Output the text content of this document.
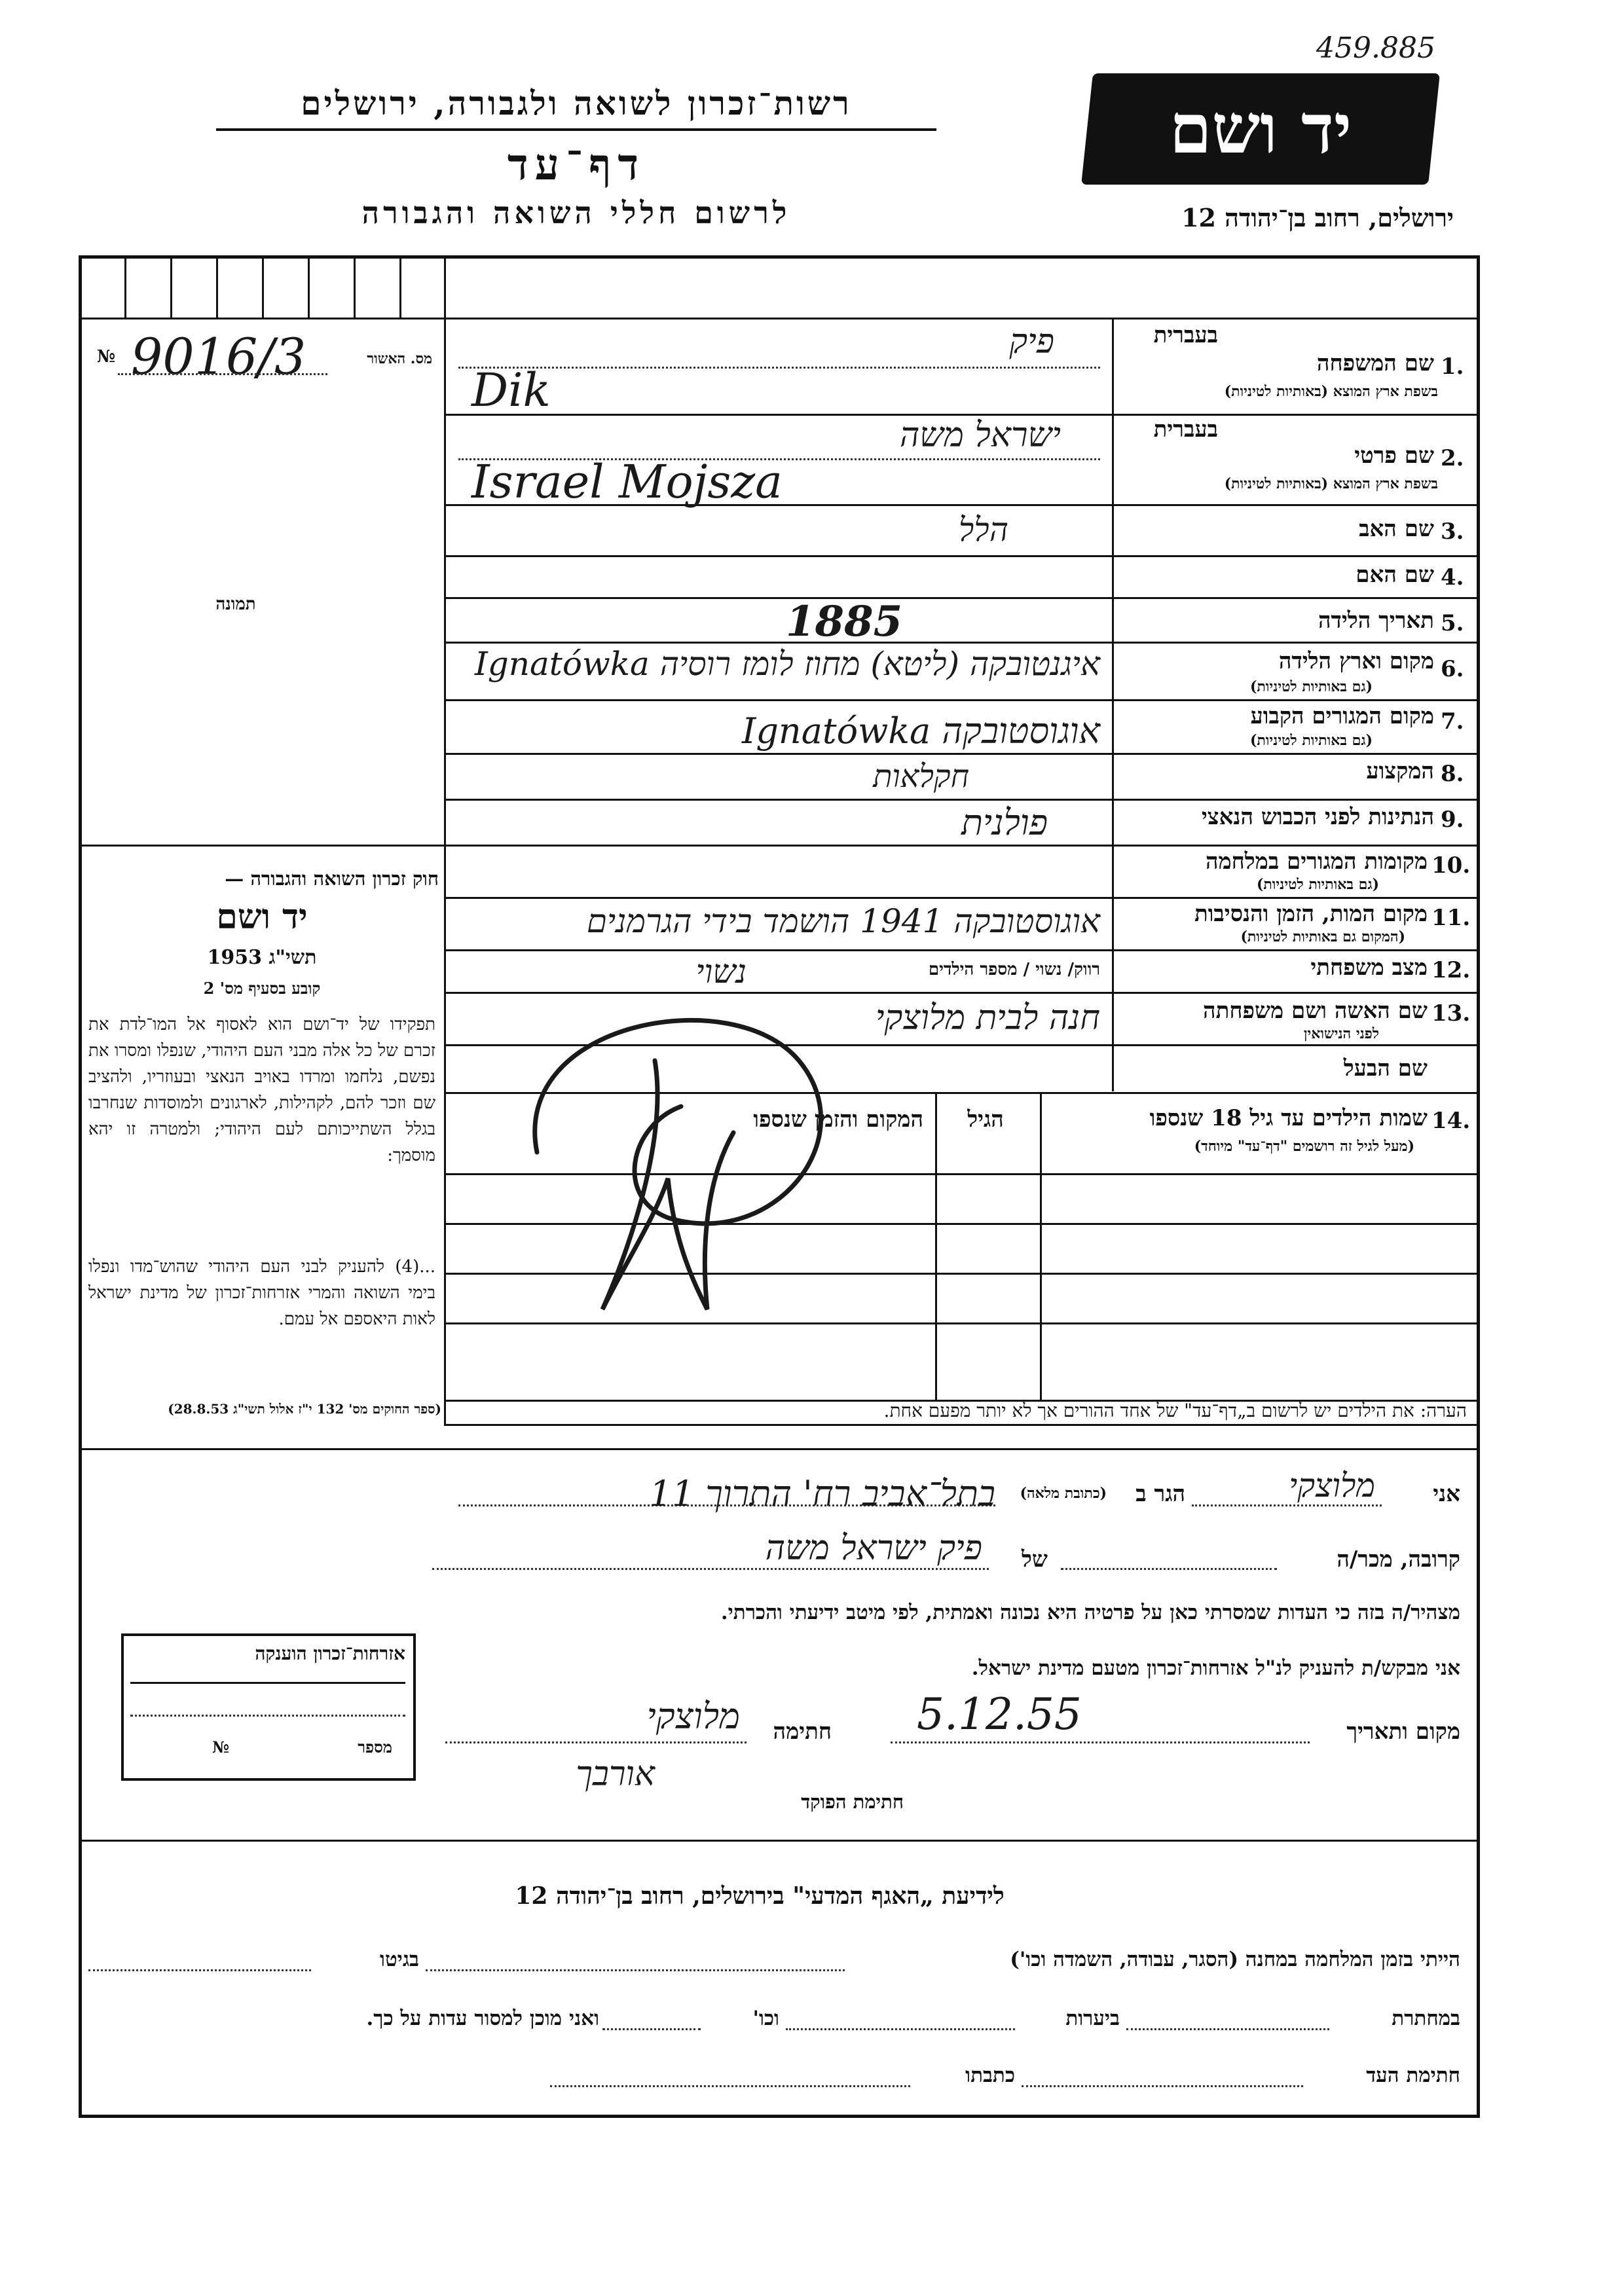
459.885
רשות־זכרון לשואה ולגבורה, ירושלים
דף־עד
לרשום חללי השואה והגבורה
יד ושם
ירושלים, רחוב בן־יהודה 12
№ 9016/3	מס. האשור	1.
שם המשפחה
בשפת ארץ המוצא (באותיות לטיניות)
בעברית
פיק
Dik
2.
שם פרטי
בשפת ארץ המוצא (באותיות לטיניות)
בעברית
ישראל משה
Israel Mojsza
3.
שם האב
הלל
4.
שם האם
5.
תאריך הלידה
1885
6.
מקום וארץ הלידה
(גם באותיות לטיניות)
איגנטובקה (ליטא) מחוז לומז רוסיה Ignatówka
7.
מקום המגורים הקבוע
(גם באותיות לטיניות)
אוגוסטובקה Ignatówka
8.
המקצוע
חקלאות
9.
הנתינות לפני הכבוש הנאצי
פולנית
10.
מקומות המגורים במלחמה
(גם באותיות לטיניות)
11.
מקום המות, הזמן והנסיבות
(המקום גם באותיות לטיניות)
אוגוסטובקה 1941 הושמד בידי הגרמנים
12.
מצב משפחתי
רווק/ נשוי / מספר הילדים
נשוי
13.
שם האשה ושם משפחתה
לפני הנישואין
חנה לבית מלוצקי
שם הבעל
14.
שמות הילדים עד גיל 18 שנספו
(מעל לגיל זה רושמים "דף־עד" מיוחד)
הגיל
המקום והזמן שנספו
תמונה
חוק זכרון השואה והגבורה —
יד ושם
תשי"ג 1953
קובע בסעיף מס' 2
תפקידו של יד־ושם הוא לאסוף אל המו־לדת את זכרם של כל אלה מבני העם היהודי, שנפלו ומסרו את נפשם, נלחמו ומרדו באויב הנאצי ובעוזריו, ולהציב שם וזכר להם, לקהילות, לארגונים ולמוסדות שנחרבו בגלל השתייכותם לעם היהודי; ולמטרה זו יהא מוסמך:
...(4) להעניק לבני העם היהודי שהוש־מדו ונפלו בימי השואה והמרי אזרחות־זכרון של מדינת ישראל לאות היאספם אל עמם.
(ספר החוקים מס' 132 י"ז אלול תשי"ג 28.8.53)	הערה: את הילדים יש לרשום ב„דף־עד" של אחד ההורים אך לא יותר מפעם אחת.
אני
מלוצקי
הגר ב
(כתובת מלאה)
בתל־אביב רח' התרוך 11
קרובה, מכר/ה
של
פיק ישראל משה
מצהיר/ה בזה כי העדות שמסרתי כאן על פרטיה היא נכונה ואמתית, לפי מיטב ידיעתי והכרתי.
אני מבקש/ת להעניק לנ"ל אזרחות־זכרון מטעם מדינת ישראל.
מקום ותאריך
5.12.55
חתימה
מלוצקי
אורבך
חתימת הפוקד
אזרחות־זכרון הוענקה
מספר
№
לידיעת „האגף המדעי" בירושלים, רחוב בן־יהודה 12
הייתי בזמן המלחמה במחנה (הסגר, עבודה, השמדה וכו')
בגיטו
במחתרת
ביערות
וכו'
ואני מוכן למסור עדות על כך.
חתימת העד
כתבתו
